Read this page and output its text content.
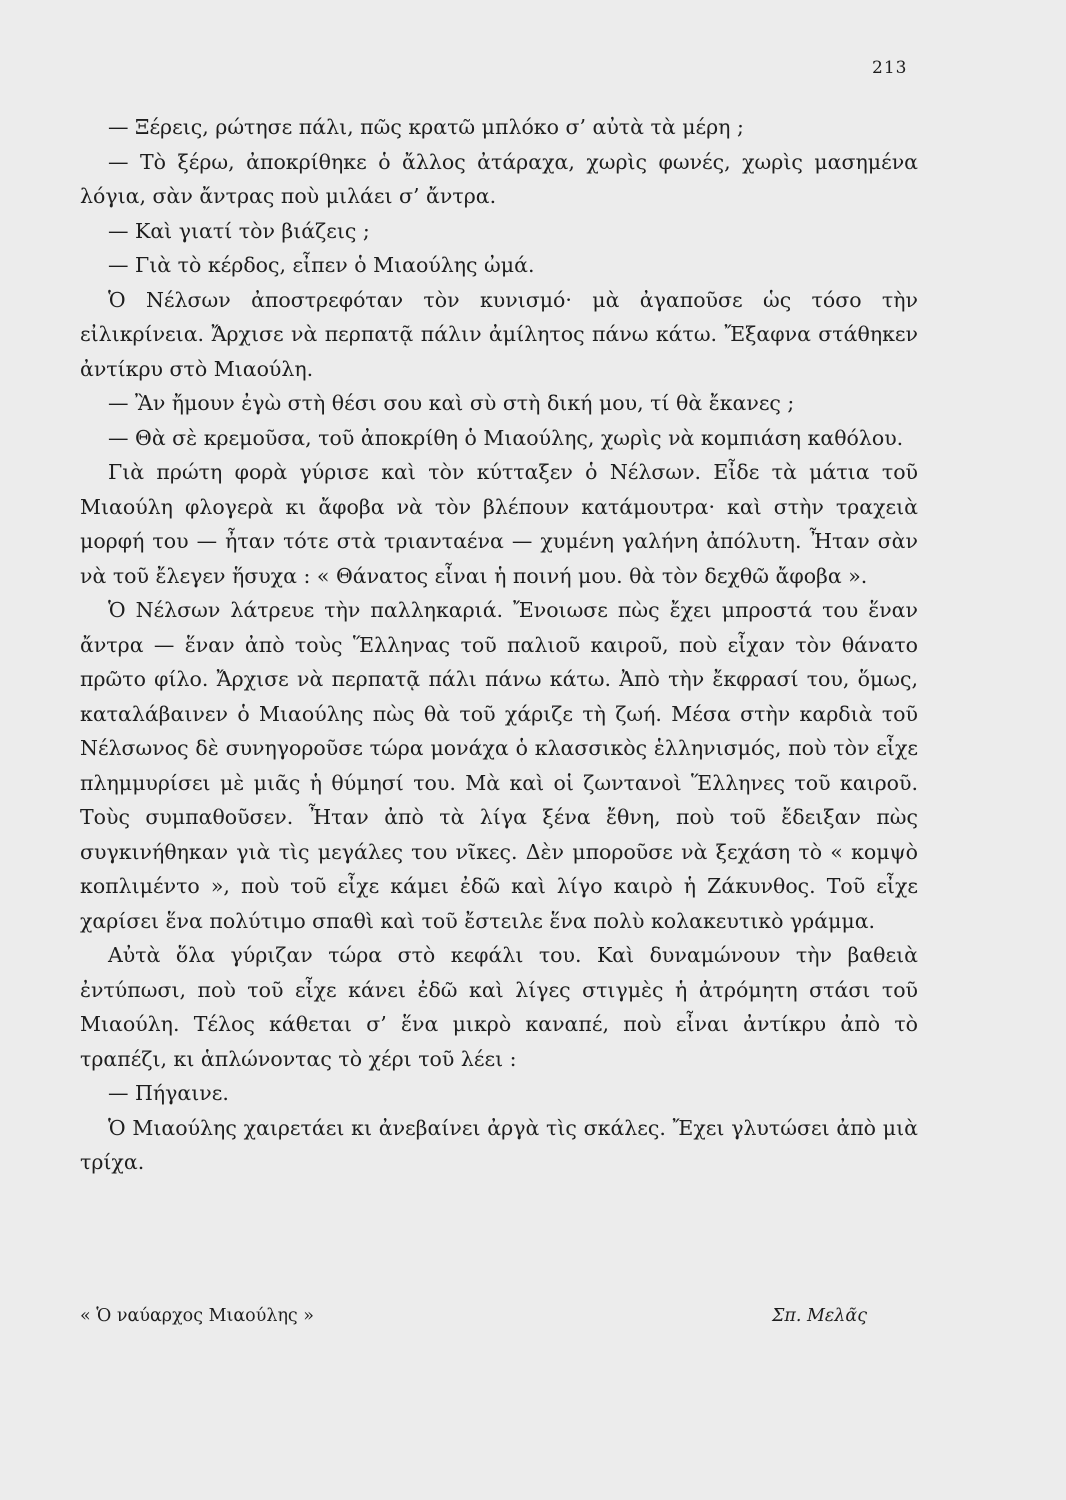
213

— Ξέρεις, ρώτησε πάλι, πῶς κρατῶ μπλόκο σ’ αὐτὰ τὰ μέρη ;

— Τὸ ξέρω, ἀποκρίθηκε ὁ ἄλλος ἀτάραχα, χωρὶς φωνές, χωρὶς μασημένα λόγια, σὰν ἄντρας ποὺ μιλάει σ’ ἄντρα.

— Καὶ γιατί τὸν βιάζεις ;

— Γιὰ τὸ κέρδος, εἶπεν ὁ Μιαούλης ὠμά.

Ὁ Νέλσων ἀποστρεφόταν τὸν κυνισμό· μὰ ἀγαποῦσε ὡς τόσο τὴν εἰλικρίνεια. Ἄρχισε νὰ περπατᾷ πάλιν ἀμίλητος πάνω κάτω. Ἔξαφνα στάθηκεν ἀντίκρυ στὸ Μιαούλη.

— Ἂν ἤμουν ἐγὼ στὴ θέσι σου καὶ σὺ στὴ δική μου, τί θὰ ἔκανες ;

— Θὰ σὲ κρεμοῦσα, τοῦ ἀποκρίθη ὁ Μιαούλης, χωρὶς νὰ κομπιάση καθόλου.

Γιὰ πρώτη φορὰ γύρισε καὶ τὸν κύτταξεν ὁ Νέλσων. Εἶδε τὰ μάτια τοῦ Μιαούλη φλογερὰ κι ἄφοβα νὰ τὸν βλέπουν κατάμουτρα· καὶ στὴν τραχειὰ μορφή του — ἦταν τότε στὰ τριανταένα — χυμένη γαλήνη ἀπόλυτη. Ἦταν σὰν νὰ τοῦ ἔλεγεν ἥσυχα : « Θάνατος εἶναι ἡ ποινή μου. θὰ τὸν δεχθῶ ἄφοβα ».

Ὁ Νέλσων λάτρευε τὴν παλληκαριά. Ἔνοιωσε πὼς ἔχει μπροστά του ἕναν ἄντρα — ἕναν ἀπὸ τοὺς Ἕλληνας τοῦ παλιοῦ καιροῦ, ποὺ εἶχαν τὸν θάνατο πρῶτο φίλο. Ἄρχισε νὰ περπατᾷ πάλι πάνω κάτω. Ἀπὸ τὴν ἔκφρασί του, ὅμως, καταλάβαινεν ὁ Μιαούλης πὼς θὰ τοῦ χάριζε τὴ ζωή. Μέσα στὴν καρδιὰ τοῦ Νέλσωνος δὲ συνηγοροῦσε τώρα μονάχα ὁ κλασσικὸς ἑλληνισμός, ποὺ τὸν εἶχε πλημμυρίσει μὲ μιᾶς ἡ θύμησί του. Μὰ καὶ οἱ ζωντανοὶ Ἕλληνες τοῦ καιροῦ. Τοὺς συμπαθοῦσεν. Ἦταν ἀπὸ τὰ λίγα ξένα ἔθνη, ποὺ τοῦ ἔδειξαν πὼς συγκινήθηκαν γιὰ τὶς μεγάλες του νῖκες. Δὲν μποροῦσε νὰ ξεχάση τὸ « κομψὸ κοπλιμέντο », ποὺ τοῦ εἶχε κάμει ἐδῶ καὶ λίγο καιρὸ ἡ Ζάκυνθος. Τοῦ εἶχε χαρίσει ἕνα πολύτιμο σπαθὶ καὶ τοῦ ἔστειλε ἕνα πολὺ κολακευτικὸ γράμμα.

Αὐτὰ ὅλα γύριζαν τώρα στὸ κεφάλι του. Καὶ δυναμώνουν τὴν βαθειὰ ἐντύπωσι, ποὺ τοῦ εἶχε κάνει ἐδῶ καὶ λίγες στιγμὲς ἡ ἀτρόμητη στάσι τοῦ Μιαούλη. Τέλος κάθεται σ’ ἕνα μικρὸ καναπέ, ποὺ εἶναι ἀντίκρυ ἀπὸ τὸ τραπέζι, κι ἁπλώνοντας τὸ χέρι τοῦ λέει :

— Πήγαινε.

Ὁ Μιαούλης χαιρετάει κι ἀνεβαίνει ἀργὰ τὶς σκάλες. Ἔχει γλυτώσει ἀπὸ μιὰ τρίχα.

« Ὁ ναύαρχος Μιαούλης »	Σπ. Μελᾶς
